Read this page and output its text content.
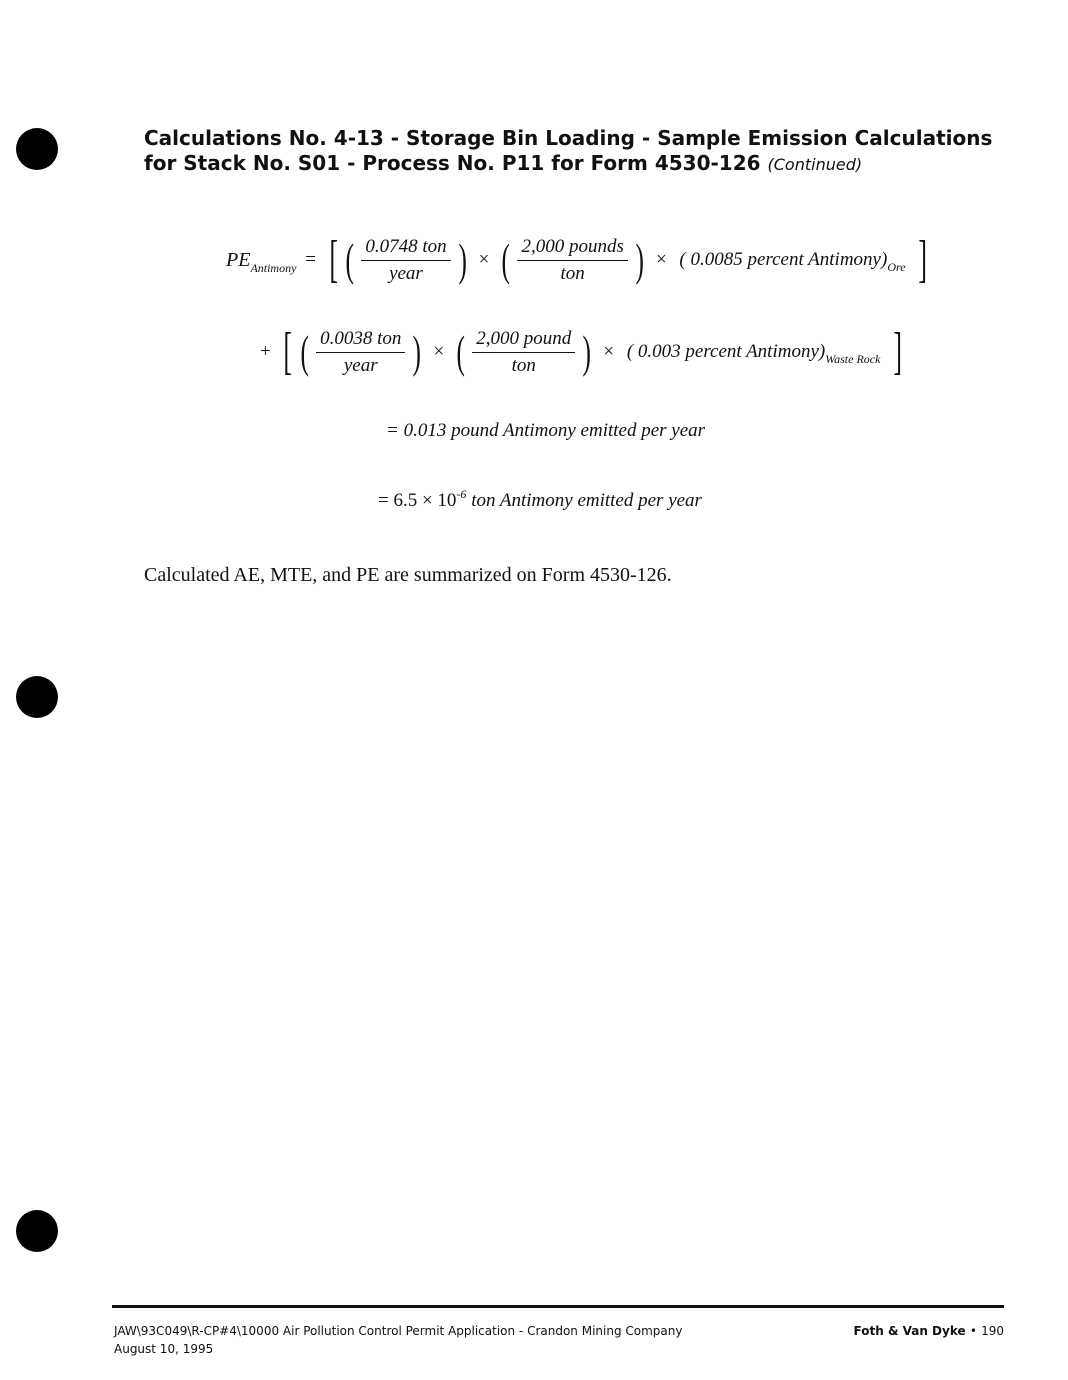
Calculations No. 4-13 - Storage Bin Loading - Sample Emission Calculations for Stack No. S01 - Process No. P11 for Form 4530-126 (Continued)
$PE_{Antimony}$ = [ ( $\frac{\text{0.0748 ton}}{\text{year}}$ ) × ( $\frac{\text{2,000 pounds}}{\text{ton}}$ ) × ( 0.0085 percent $Antimony)_{Ore}$ ]
+ [ ( $\frac{\text{0.0038 ton}}{\text{year}}$ ) × ( $\frac{\text{2,000 pound}}{\text{ton}}$ ) × ( 0.003 percent $Antimony)_{Waste Rock}$ ]
= 0.013 pound Antimony emitted per year
= $6.5 \times 10^{-6}$ ton Antimony emitted per year
Calculated AE, MTE, and PE are summarized on Form 4530-126.
JAW\93C049\R-CP#4\10000 Air Pollution Control Permit Application - Crandon Mining Company
August 10, 1995
Foth & Van Dyke • 190
